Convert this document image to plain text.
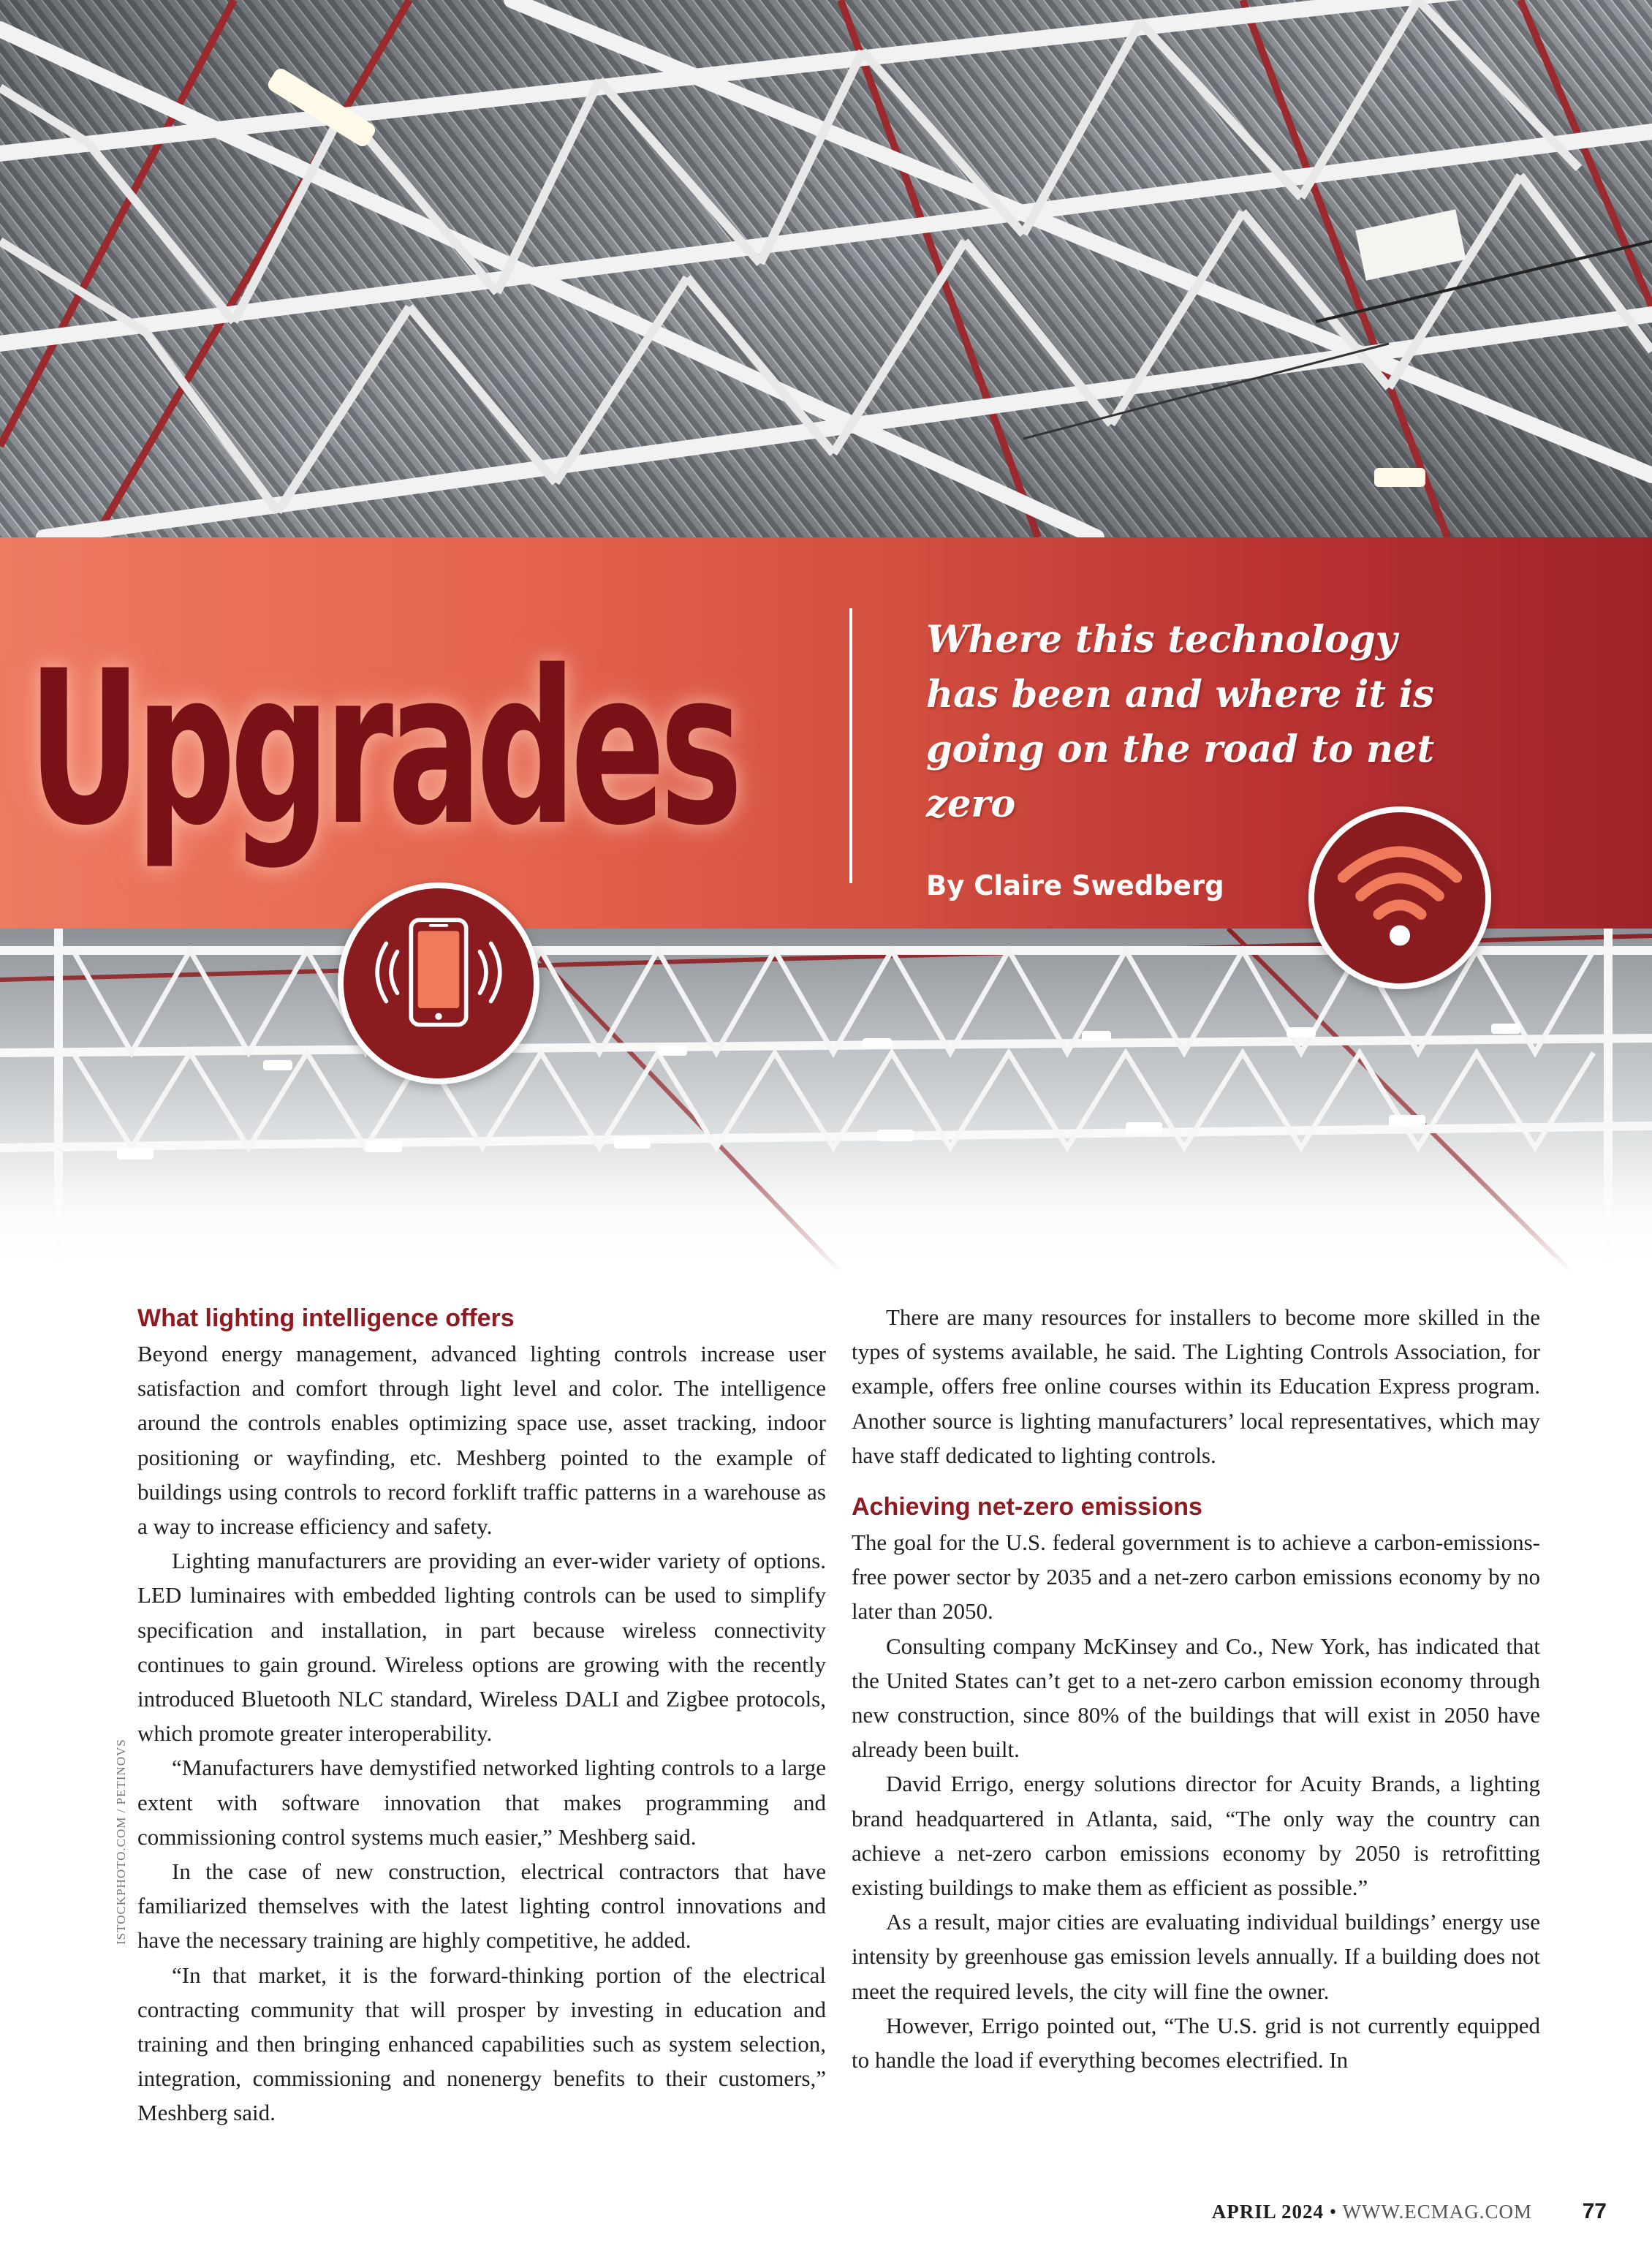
Upgrades	Where this technology has been and where it is going on the road to net zero

By Claire Swedberg

What lighting intelligence offers

Beyond energy management, advanced lighting controls increase user satisfaction and comfort through light level and color. The intelligence around the controls enables optimizing space use, asset tracking, indoor positioning or wayfinding, etc. Meshberg pointed to the example of buildings using controls to record forklift traffic patterns in a warehouse as a way to increase efficiency and safety.

Lighting manufacturers are providing an ever-wider variety of options. LED luminaires with embedded lighting controls can be used to simplify specification and installation, in part because wireless connectivity continues to gain ground. Wireless options are growing with the recently introduced Bluetooth NLC standard, Wireless DALI and Zigbee protocols, which promote greater interoperability.

“Manufacturers have demystified networked lighting controls to a large extent with software innovation that makes programming and commissioning control systems much easier,” Meshberg said.

In the case of new construction, electrical contractors that have familiarized themselves with the latest lighting control innovations and have the necessary training are highly competitive, he added.

“In that market, it is the forward-thinking portion of the electrical contracting community that will prosper by investing in education and training and then bringing enhanced capabilities such as system selection, integration, commissioning and nonenergy benefits to their customers,” Meshberg said.

There are many resources for installers to become more skilled in the types of systems available, he said. The Lighting Controls Association, for example, offers free online courses within its Education Express program. Another source is lighting manufacturers’ local representatives, which may have staff dedicated to lighting controls.

Achieving net-zero emissions

The goal for the U.S. federal government is to achieve a carbon-emissions-free power sector by 2035 and a net-zero carbon emissions economy by no later than 2050.

Consulting company McKinsey and Co., New York, has indicated that the United States can’t get to a net-zero carbon emission economy through new construction, since 80% of the buildings that will exist in 2050 have already been built.

David Errigo, energy solutions director for Acuity Brands, a lighting brand headquartered in Atlanta, said, “The only way the country can achieve a net-zero carbon emissions economy by 2050 is retrofitting existing buildings to make them as efficient as possible.”

As a result, major cities are evaluating individual buildings’ energy use intensity by greenhouse gas emission levels annually. If a building does not meet the required levels, the city will fine the owner.

However, Errigo pointed out, “The U.S. grid is not currently equipped to handle the load if everything becomes electrified. In

ISTOCKPHOTO.COM / PETINOVS
APRIL 2024 • WWW.ECMAG.COM 77
